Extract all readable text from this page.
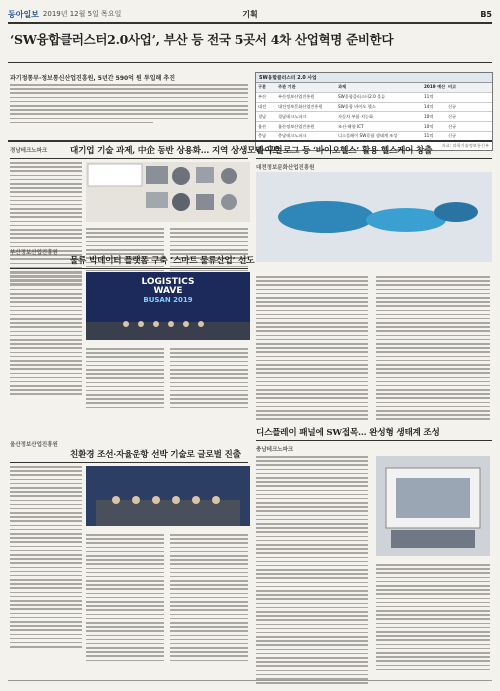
동아일보 2019년 12월 5일 목요일	기획	B5
‘SW융합클러스터2.0사업’, 부산 등 전국 5곳서 4차 산업혁명 준비한다
과기정통부·정보통신산업진흥원, 5년간 590억 원 투입해 추진	SW융합클러스터 2.0 사업
구분	주관 기관	과제	2019 예산 비고
부산	부산정보산업진흥원	SW융합클러스터2.0 물류	11억
대전	대전정보문화산업진흥원	SW융합 바이오 헬스	14억	신규
경남	경남테크노파크	자동차 부품 지능화	10억	신규
울산	울산정보산업진흥원	조선·해양 ICT	10억	신규
충남	충남테크노파크	디스플레이 SW융합 생태계 조성	11억	신규
자료: 과학기술정보통신부
경남테크노파크	대기업 기술 과제, 中企 동반 상용화… 지역 상생모델 구현
부산정보산업진흥원
물류 빅데이터 플랫폼 구축 ‘스마트 물류산업’ 선도
LOGISTICS
WAVE
BUSAN 2019
울산정보산업진흥원
친환경 조선·자율운항 선박 기술로 글로벌 진출
라이트 로그 등 ‘바이오헬스’ 활용 헬스케어 창출
대전정보문화산업진흥원
디스플레이 패널에 SW접목… 완성형 생태계 조성
충남테크노파크
